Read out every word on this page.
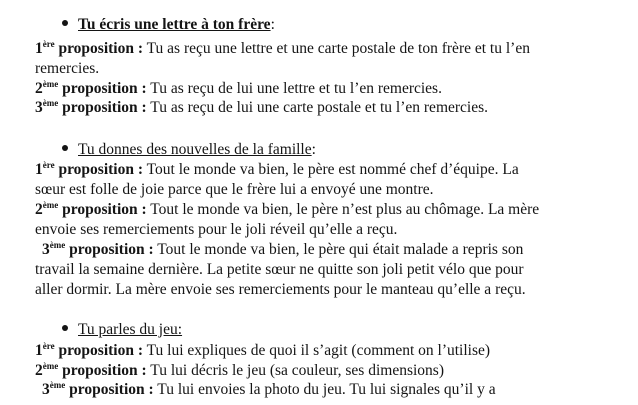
Tu écris une lettre à ton frère:
1ère proposition : Tu as reçu une lettre et une carte postale de ton frère et tu l’en
remercies.
2ème proposition : Tu as reçu de lui une lettre et tu l’en remercies.
3ème proposition : Tu as reçu de lui une carte postale et tu l’en remercies.
Tu donnes des nouvelles de la famille:
1ère proposition : Tout le monde va bien, le père est nommé chef d’équipe. La
sœur est folle de joie parce que le frère lui a envoyé une montre.
2ème proposition : Tout le monde va bien, le père n’est plus au chômage. La mère
envoie ses remerciements pour le joli réveil qu’elle a reçu.
3ème proposition : Tout le monde va bien, le père qui était malade a repris son
travail la semaine dernière. La petite sœur ne quitte son joli petit vélo que pour
aller dormir. La mère envoie ses remerciements pour le manteau qu’elle a reçu.
Tu parles du jeu:
1ère proposition : Tu lui expliques de quoi il s’agit (comment on l’utilise)
2ème proposition : Tu lui décris le jeu (sa couleur, ses dimensions)
3ème proposition : Tu lui envoies la photo du jeu. Tu lui signales qu’il y a
